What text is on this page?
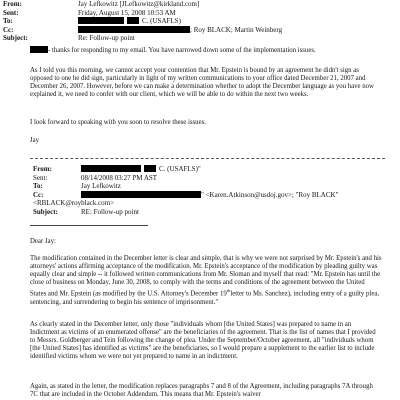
From:	Jay Lefkowitz [JLefkowitz@kirkland.com]
Sent:	Friday, August 15, 2008 10:53 AM
To:	C. (USAFLS)
Cc:	; Roy BLACK; Martin Weinberg
Subject:	Re: Follow-up point

- thanks for responding to my email. You have narrowed down some of the implementation issues.

As I told you this morning, we cannot accept your contention that Mr. Epstein is bound by an agreement he didn't sign as opposed to one he did sign, particularly in light of my written communications to your office dated December 21, 2007 and December 26, 2007. However, before we can make a determination whether to adopt the December language as you have now explained it, we need to confer with our client, which we will be able to do within the next two weeks.

I look forward to speaking with you soon to resolve these issues.

Jay

From:	C. (USAFLS)"
Sent:	08/14/2008 03:27 PM AST
To:	Jay Lefkowitz
Cc:	" <Karen.Atkinson@usdoj.gov>; "Roy BLACK"
<RBLACK@royblack.com>
Subject:	RE: Follow-up point

Dear Jay:

The modification contained in the December letter is clear and simple, that is why we were not surprised by Mr. Epstein's and his attorneys' actions affirming acceptance of the modification. Mr. Epstein's acceptance of the modification by pleading guilty was equally clear and simple -- it followed written communications from Mr. Sloman and myself that read: "Mr. Epstein has until the close of business on Monday, June 30, 2008, to comply with the terms and conditions of the agreement between the United States and Mr. Epstein (as modified by the U.S. Attorney's December 19thletter to Ms. Sanchez), including entry of a guilty plea, sentencing, and surrendering to begin his sentence of imprisonment."

As clearly stated in the December letter, only those "individuals whom [the United States] was prepared to name in an Indictment as victims of an enumerated offense" are the beneficiaries of the agreement. That is the list of names that I provided to Messrs. Goldberger and Tein following the change of plea. Under the September/October agreement, all "individuals whom [the United States] has identified as victims" are the beneficiaries, so I would prepare a supplement to the earlier list to include identified victims whom we were not yet prepared to name in an indictment.

Again, as stated in the letter, the modification replaces paragraphs 7 and 8 of the Agreement, including paragraphs 7A through 7C that are included in the October Addendum. This means that Mr. Epstein's waiver
